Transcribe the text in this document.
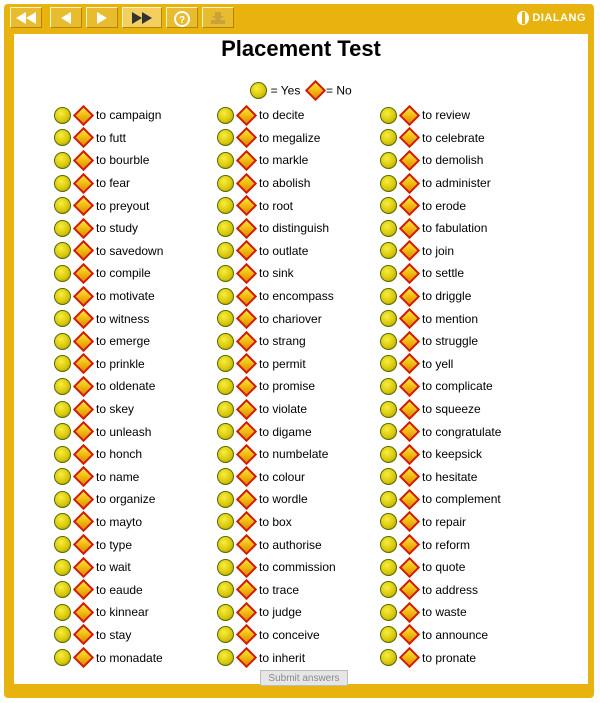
?	DIALANG
Placement Test
= Yes = No
to campaign
to futt
to bourble
to fear
to preyout
to study
to savedown
to compile
to motivate
to witness
to emerge
to prinkle
to oldenate
to skey
to unleash
to honch
to name
to organize
to mayto
to type
to wait
to eaude
to kinnear
to stay
to monadate
to decite
to megalize
to markle
to abolish
to root
to distinguish
to outlate
to sink
to encompass
to chariover
to strang
to permit
to promise
to violate
to digame
to numbelate
to colour
to wordle
to box
to authorise
to commission
to trace
to judge
to conceive
to inherit
to review
to celebrate
to demolish
to administer
to erode
to fabulation
to join
to settle
to driggle
to mention
to struggle
to yell
to complicate
to squeeze
to congratulate
to keepsick
to hesitate
to complement
to repair
to reform
to quote
to address
to waste
to announce
to pronate
Submit answers
